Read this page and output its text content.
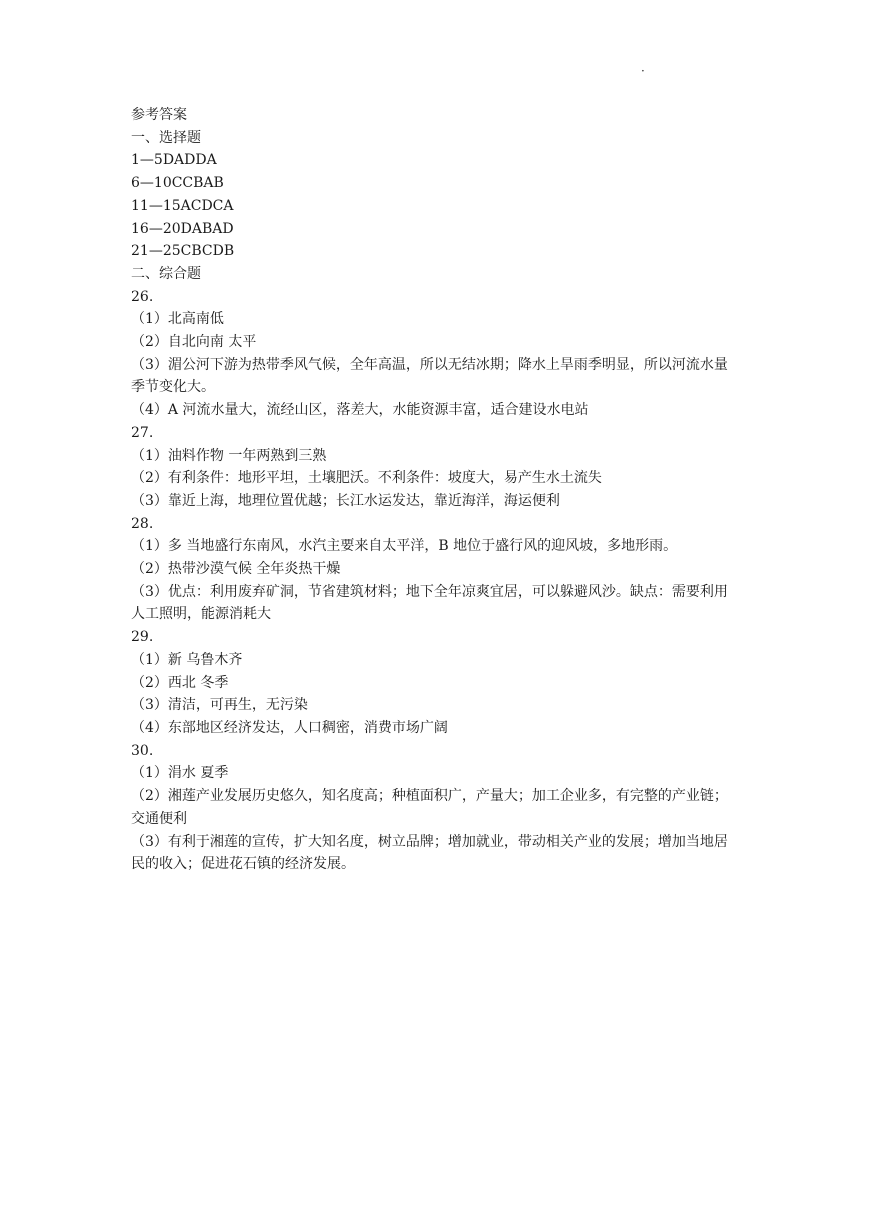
·
参考答案
一、选择题
1—5DADDA
6—10CCBAB
11—15ACDCA
16—20DABAD
21—25CBCDB
二、综合题
26.
（1）北高南低
（2）自北向南 太平
（3）湄公河下游为热带季风气候，全年高温，所以无结冰期；降水上旱雨季明显，所以河流水量季节变化大。
（4）A 河流水量大，流经山区，落差大，水能资源丰富，适合建设水电站
27.
（1）油料作物 一年两熟到三熟
（2）有利条件：地形平坦，土壤肥沃。不利条件：坡度大，易产生水土流失
（3）靠近上海，地理位置优越；长江水运发达，靠近海洋，海运便利
28.
（1）多 当地盛行东南风，水汽主要来自太平洋，B 地位于盛行风的迎风坡，多地形雨。
（2）热带沙漠气候 全年炎热干燥
（3）优点：利用废弃矿洞，节省建筑材料；地下全年凉爽宜居，可以躲避风沙。缺点：需要利用人工照明，能源消耗大
29.
（1）新 乌鲁木齐
（2）西北 冬季
（3）清洁，可再生，无污染
（4）东部地区经济发达，人口稠密，消费市场广阔
30.
（1）涓水 夏季
（2）湘莲产业发展历史悠久，知名度高；种植面积广，产量大；加工企业多，有完整的产业链；交通便利
（3）有利于湘莲的宣传，扩大知名度，树立品牌；增加就业，带动相关产业的发展；增加当地居民的收入；促进花石镇的经济发展。
